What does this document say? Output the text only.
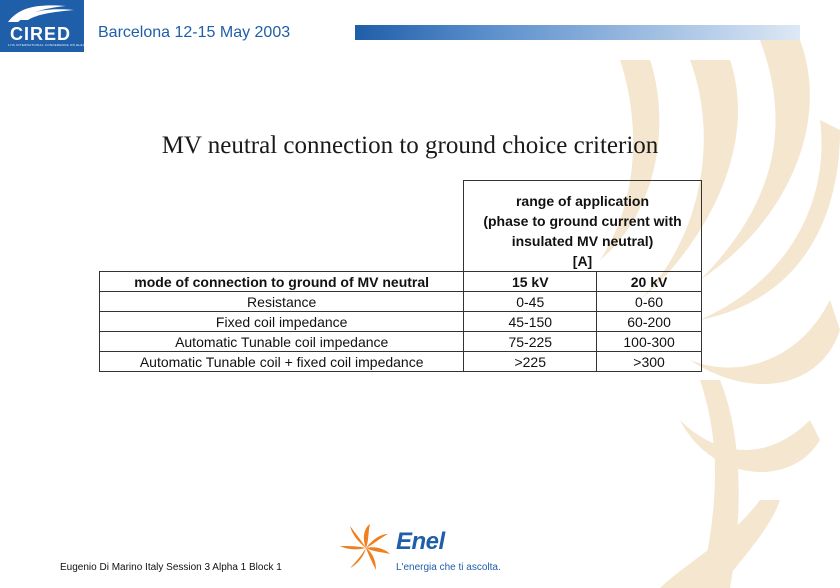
CIRED
17th INTERNATIONAL CONFERENCE ON ELECTRICITY DISTRIBUTION
Barcelona 12-15 May 2003
MV neutral connection to ground choice criterion
range of application
(phase to ground current with
insulated MV neutral)
[A]
mode of connection to ground of MV neutral	15 kV	20 kV
Resistance	0-45	0-60
Fixed coil impedance	45-150	60-200
Automatic Tunable coil impedance	75-225	100-300
Automatic Tunable coil + fixed coil impedance	>225	>300
Eugenio Di Marino Italy Session 3 Alpha 1 Block 1
Enel
L'energia che ti ascolta.
